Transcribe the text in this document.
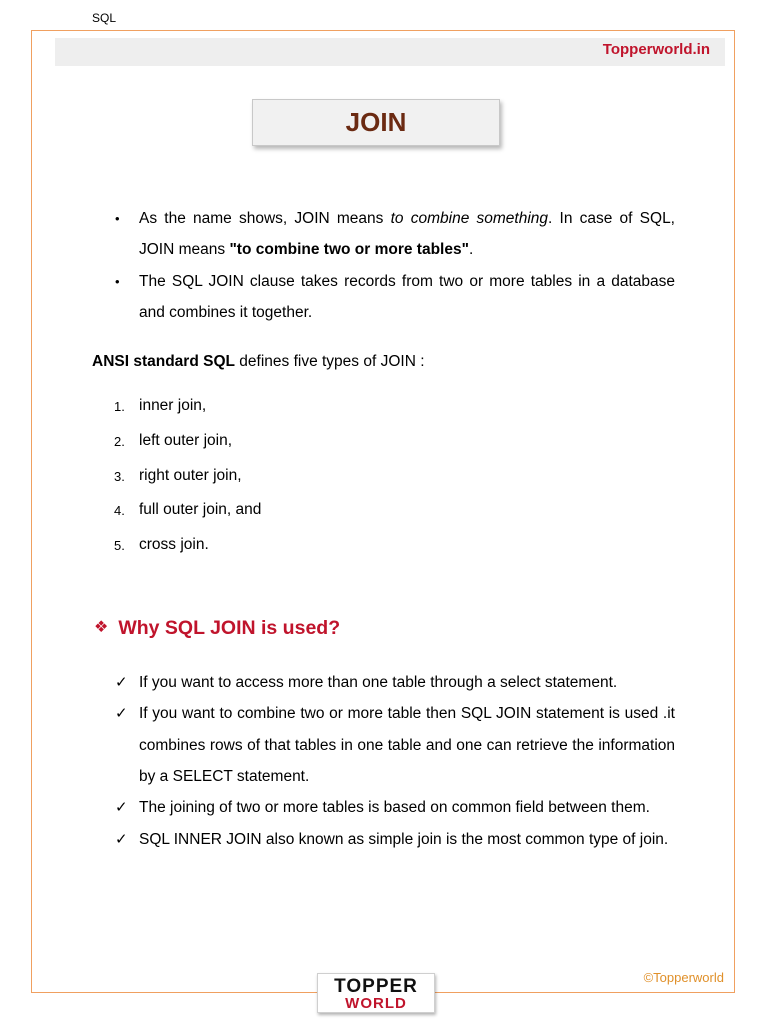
SQL
Topperworld.in
JOIN
• As the name shows, JOIN means to combine something. In case of SQL, JOIN means "to combine two or more tables".
• The SQL JOIN clause takes records from two or more tables in a database and combines it together.

ANSI standard SQL defines five types of JOIN :

1. inner join,
2. left outer join,
3. right outer join,
4. full outer join, and
5. cross join.
❖ Why SQL JOIN is used?
✓ If you want to access more than one table through a select statement.
✓ If you want to combine two or more table then SQL JOIN statement is used .it combines rows of that tables in one table and one can retrieve the information by a SELECT statement.
✓ The joining of two or more tables is based on common field between them.
✓ SQL INNER JOIN also known as simple join is the most common type of join.
©Topperworld
TOPPER
WORLD
